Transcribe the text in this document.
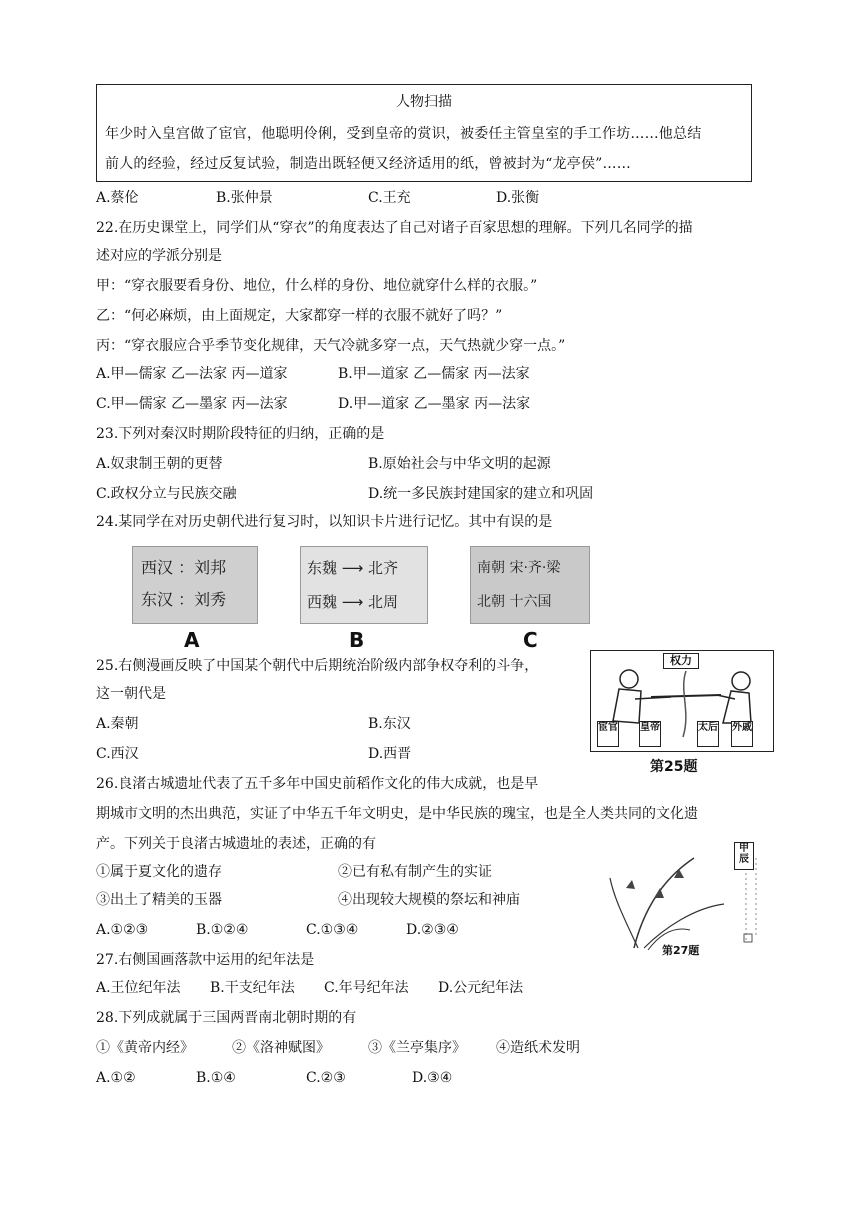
人物扫描
年少时入皇宫做了宦官，他聪明伶俐，受到皇帝的赏识，被委任主管皇室的手工作坊……他总结
前人的经验，经过反复试验，制造出既轻便又经济适用的纸，曾被封为“龙亭侯”……
A.蔡伦	B.张仲景	C.王充	D.张衡
22.在历史课堂上，同学们从“穿衣”的角度表达了自己对诸子百家思想的理解。下列几名同学的描
述对应的学派分别是
甲：“穿衣服要看身份、地位，什么样的身份、地位就穿什么样的衣服。”
乙：“何必麻烦，由上面规定，大家都穿一样的衣服不就好了吗？”
丙：“穿衣服应合乎季节变化规律，天气冷就多穿一点，天气热就少穿一点。”
A.甲—儒家 乙—法家 丙—道家	B.甲—道家 乙—儒家 丙—法家
C.甲—儒家 乙—墨家 丙—法家	D.甲—道家 乙—墨家 丙—法家
23.下列对秦汉时期阶段特征的归纳，正确的是
A.奴隶制王朝的更替	B.原始社会与中华文明的起源
C.政权分立与民族交融	D.统一多民族封建国家的建立和巩固
24.某同学在对历史朝代进行复习时，以知识卡片进行记忆。其中有误的是
西汉 ：刘邦
东汉 ：刘秀
A
东魏 ⟶ 北齐
西魏 ⟶ 北周
B
南朝 宋·齐·梁
北朝 十六国
C
25.右侧漫画反映了中国某个朝代中后期统治阶级内部争权夺利的斗争，
这一朝代是
A.秦朝	B.东汉
C.西汉	D.西晋
权力
宦官 皇帝	太后 外戚
第25题
26.良渚古城遗址代表了五千多年中国史前稻作文化的伟大成就，也是早
期城市文明的杰出典范，实证了中华五千年文明史，是中华民族的瑰宝，也是全人类共同的文化遗
产。下列关于良渚古城遗址的表述，正确的有
①属于夏文化的遗存	②已有私有制产生的实证
③出土了精美的玉器	④出现较大规模的祭坛和神庙
A.①②③	B.①②④	C.①③④	D.②③④
甲辰
第27题
27.右侧国画落款中运用的纪年法是
A.王位纪年法 B.干支纪年法 C.年号纪年法 D.公元纪年法
28.下列成就属于三国两晋南北朝时期的有
①《黄帝内经》	②《洛神赋图》	③《兰亭集序》 ④造纸术发明
A.①②	B.①④	C.②③	D.③④
